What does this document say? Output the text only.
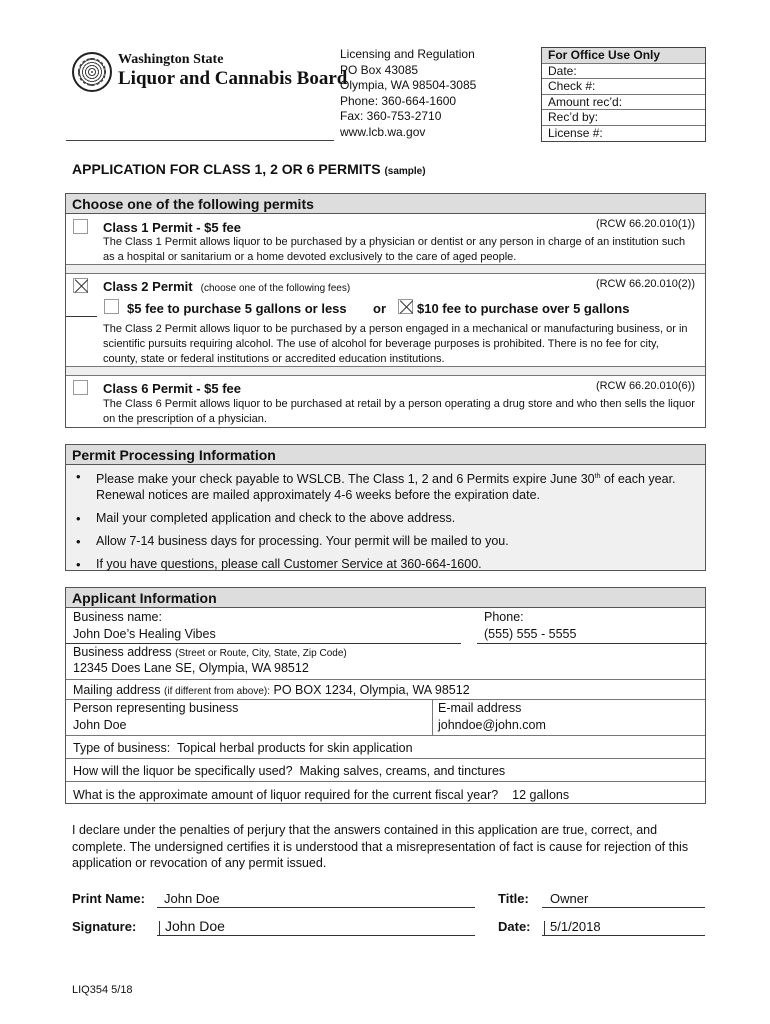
Washington State
Liquor and Cannabis Board
Licensing and Regulation
PO Box 43085
Olympia, WA 98504-3085
Phone: 360-664-1600
Fax: 360-753-2710
www.lcb.wa.gov
For Office Use Only
Date:
Check #:
Amount rec’d:
Rec’d by:
License #:
APPLICATION FOR CLASS 1, 2 OR 6 PERMITS (sample)
Choose one of the following permits
Class 1 Permit - $5 fee	(RCW 66.20.010(1))
The Class 1 Permit allows liquor to be purchased by a physician or dentist or any person in charge of an institution such as a hospital or sanitarium or a home devoted exclusively to the care of aged people.
Class 2 Permit (choose one of the following fees)	(RCW 66.20.010(2))
$5 fee to purchase 5 gallons or less or $10 fee to purchase over 5 gallons
The Class 2 Permit allows liquor to be purchased by a person engaged in a mechanical or manufacturing business, or in scientific pursuits requiring alcohol. The use of alcohol for beverage purposes is prohibited. There is no fee for city, county, state or federal institutions or accredited education institutions.
Class 6 Permit - $5 fee	(RCW 66.20.010(6))
The Class 6 Permit allows liquor to be purchased at retail by a person operating a drug store and who then sells the liquor on the prescription of a physician.
Permit Processing Information
• Please make your check payable to WSLCB. The Class 1, 2 and 6 Permits expire June 30th of each year. Renewal notices are mailed approximately 4-6 weeks before the expiration date.
• Mail your completed application and check to the above address.
• Allow 7-14 business days for processing. Your permit will be mailed to you.
• If you have questions, please call Customer Service at 360-664-1600.
Applicant Information
Business name:
John Doe’s Healing Vibes
Phone:
(555) 555 - 5555
Business address (Street or Route, City, State, Zip Code)
12345 Does Lane SE, Olympia, WA 98512
Mailing address (if different from above): PO BOX 1234, Olympia, WA 98512
Person representing business
John Doe
E-mail address
johndoe@john.com
Type of business: Topical herbal products for skin application
How will the liquor be specifically used? Making salves, creams, and tinctures
What is the approximate amount of liquor required for the current fiscal year? 12 gallons
I declare under the penalties of perjury that the answers contained in this application are true, correct, and complete. The undersigned certifies it is understood that a misrepresentation of fact is cause for rejection of this application or revocation of any permit issued.
Print Name: John Doe	Title: Owner
Signature: John Doe	Date: 5/1/2018
LIQ354 5/18
